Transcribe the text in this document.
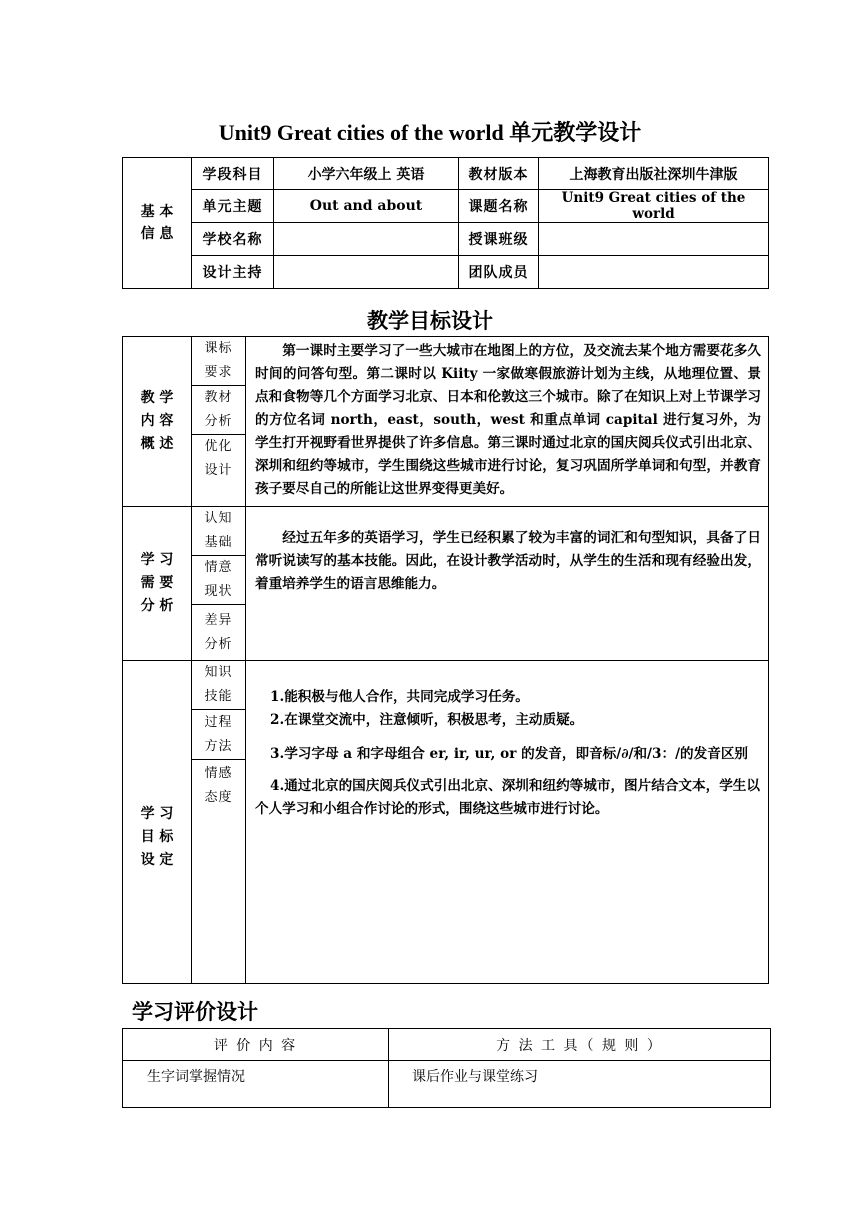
Unit9 Great cities of the world 单元教学设计
基 本 信 息	学段科目	小学六年级上 英语	教材版本	上海教育出版社深圳牛津版
	单元主题	Out and about	课题名称	Unit9 Great cities of the world
	学校名称		授课班级	
	设计主持		团队成员	
教学目标设计
教 学 内 容 概 述	课标要求	第一课时主要学习了一些大城市在地图上的方位，及交流去某个地方需要花多久时间的问答句型。第二课时以 Kiity 一家做寒假旅游计划为主线，从地理位置、景点和食物等几个方面学习北京、日本和伦敦这三个城市。除了在知识上对上节课学习的方位名词 north，east，south，west 和重点单词 capital 进行复习外，为学生打开视野看世界提供了许多信息。第三课时通过北京的国庆阅兵仪式引出北京、深圳和纽约等城市，学生围绕这些城市进行讨论，复习巩固所学单词和句型，并教育孩子要尽自己的所能让这世界变得更美好。

	教材分析	

	优化设计	

学 习 需 要 分 析	认知基础	经过五年多的英语学习，学生已经积累了较为丰富的词汇和句型知识，具备了日常听说读写的基本技能。因此，在设计教学活动时，从学生的生活和现有经验出发，着重培养学生的语言思维能力。

	情意现状	

	差异分析	

学 习 目 标 设 定	知识技能	1.能积极与他人合作，共同完成学习任务。
2.在课堂交流中，注意倾听，积极思考，主动质疑。
3.学习字母 a 和字母组合 er, ir, ur, or 的发音，即音标/∂/和/3：/的发音区别
4.通过北京的国庆阅兵仪式引出北京、深圳和纽约等城市，图片结合文本，学生以个人学习和小组合作讨论的形式，围绕这些城市进行讨论。

	过程方法	

	情感态度	
学习评价设计
评 价 内 容	方 法 工 具（ 规 则 ）
生字词掌握情况	课后作业与课堂练习
